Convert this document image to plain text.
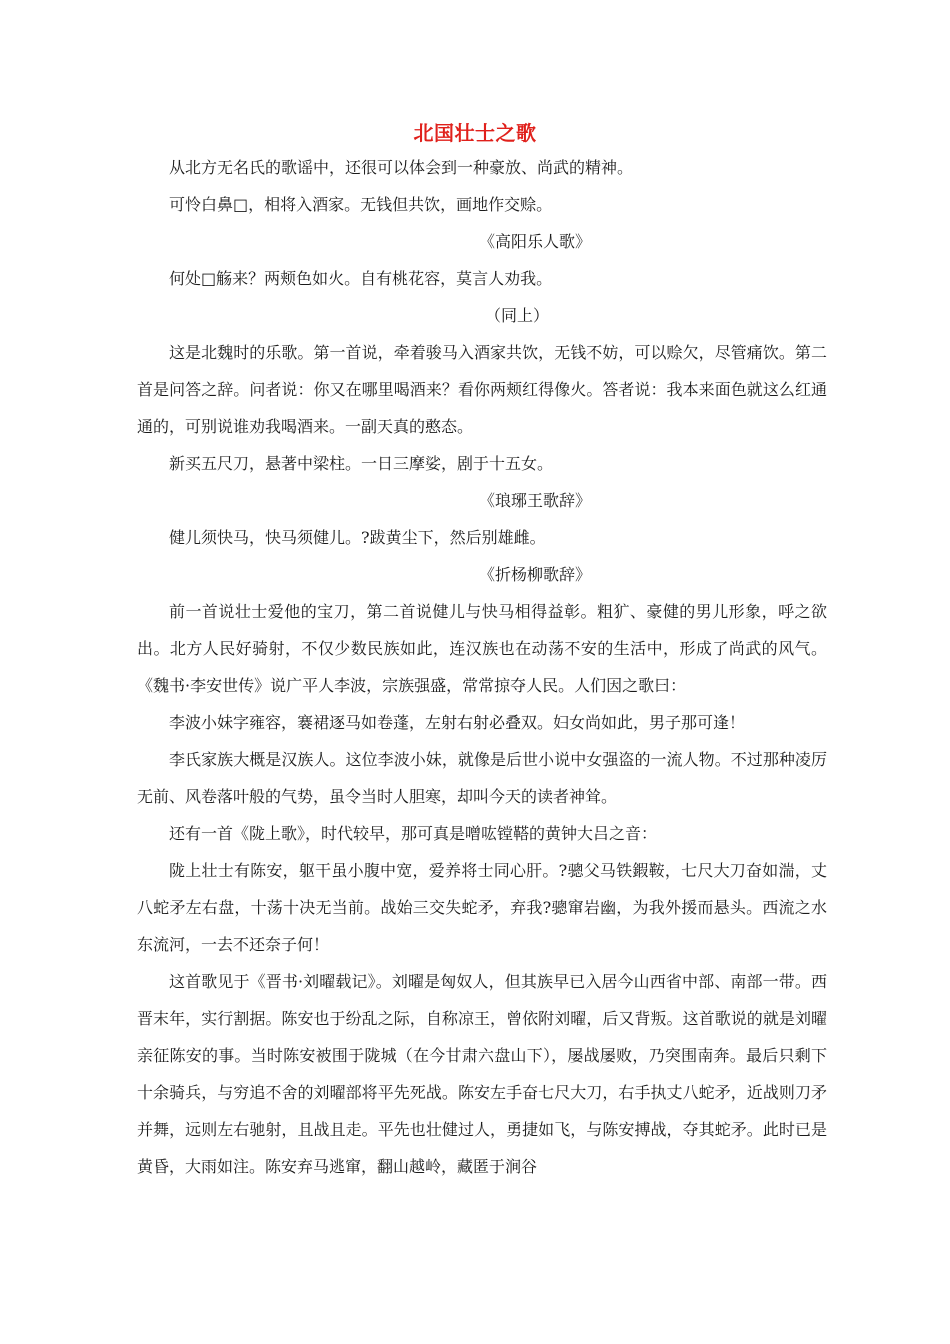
北国壮士之歌

从北方无名氏的歌谣中，还很可以体会到一种豪放、尚武的精神。

可怜白鼻□，相将入酒家。无钱但共饮，画地作交赊。

《高阳乐人歌》

何处□觞来？两颊色如火。自有桃花容，莫言人劝我。

（同上）

这是北魏时的乐歌。第一首说，牵着骏马入酒家共饮，无钱不妨，可以赊欠，尽管痛饮。第二首是问答之辞。问者说：你又在哪里喝酒来？看你两颊红得像火。答者说：我本来面色就这么红通通的，可别说谁劝我喝酒来。一副天真的憨态。

新买五尺刀，悬著中梁柱。一日三摩娑，剧于十五女。

《琅琊王歌辞》

健儿须快马，快马须健儿。?跋黄尘下，然后别雄雌。

《折杨柳歌辞》

前一首说壮士爱他的宝刀，第二首说健儿与快马相得益彰。粗犷、豪健的男儿形象，呼之欲出。北方人民好骑射，不仅少数民族如此，连汉族也在动荡不安的生活中，形成了尚武的风气。《魏书·李安世传》说广平人李波，宗族强盛，常常掠夺人民。人们因之歌曰：

李波小妹字雍容，褰裙逐马如卷蓬，左射右射必叠双。妇女尚如此，男子那可逢！

李氏家族大概是汉族人。这位李波小妹，就像是后世小说中女强盗的一流人物。不过那种凌厉无前、风卷落叶般的气势，虽令当时人胆寒，却叫今天的读者神耸。

还有一首《陇上歌》，时代较早，那可真是噌吰镗鞳的黄钟大吕之音：

陇上壮士有陈安，躯干虽小腹中宽，爱养将士同心肝。?骢父马铁鍜鞍，七尺大刀奋如湍，丈八蛇矛左右盘，十荡十决无当前。战始三交失蛇矛，弃我?骢窜岩幽，为我外援而悬头。西流之水东流河，一去不还奈子何！

这首歌见于《晋书·刘曜载记》。刘曜是匈奴人，但其族早已入居今山西省中部、南部一带。西晋末年，实行割据。陈安也于纷乱之际，自称凉王，曾依附刘曜，后又背叛。这首歌说的就是刘曜亲征陈安的事。当时陈安被围于陇城（在今甘肃六盘山下），屡战屡败，乃突围南奔。最后只剩下十余骑兵，与穷追不舍的刘曜部将平先死战。陈安左手奋七尺大刀，右手执丈八蛇矛，近战则刀矛并舞，远则左右驰射，且战且走。平先也壮健过人，勇捷如飞，与陈安搏战，夺其蛇矛。此时已是黄昏，大雨如注。陈安弃马逃窜，翻山越岭，藏匿于涧谷
